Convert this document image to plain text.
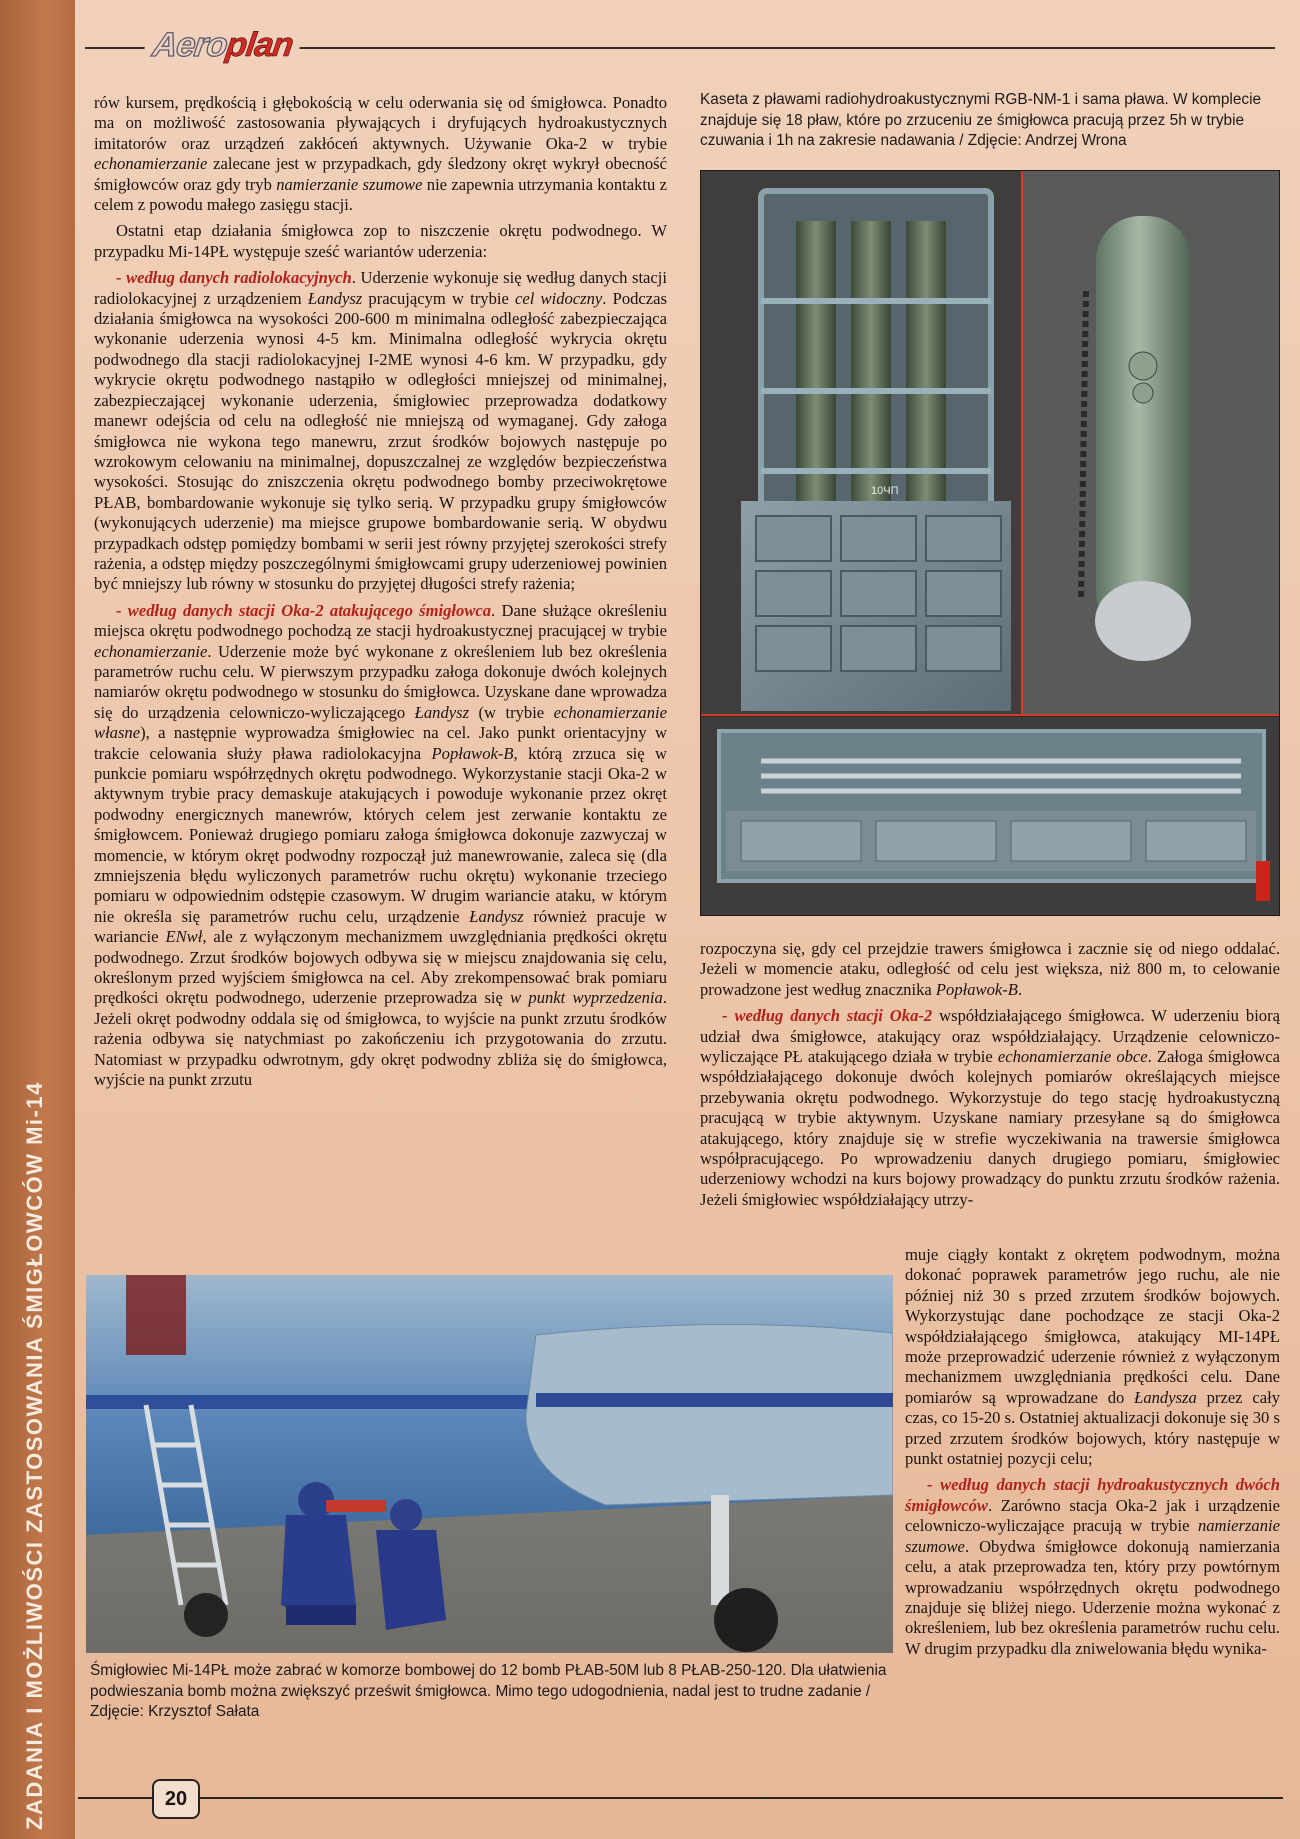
ZADANIA I MOŻLIWOŚCI ZASTOSOWANIA ŚMIGŁOWCÓW Mi-14
Aeroplan

rów kursem, prędkością i głębokością w celu oderwania się od śmigłowca. Ponadto ma on możliwość zastosowania pływających i dryfujących hydroakustycznych imitatorów oraz urządzeń zakłóceń aktywnych. Używanie Oka-2 w trybie echonamierzanie zalecane jest w przypadkach, gdy śledzony okręt wykrył obecność śmigłowców oraz gdy tryb namierzanie szumowe nie zapewnia utrzymania kontaktu z celem z powodu małego zasięgu stacji.

Ostatni etap działania śmigłowca zop to niszczenie okrętu podwodnego. W przypadku Mi-14PŁ występuje sześć wariantów uderzenia:

- według danych radiolokacyjnych. Uderzenie wykonuje się według danych stacji radiolokacyjnej z urządzeniem Łandysz pracującym w trybie cel widoczny. Podczas działania śmigłowca na wysokości 200-600 m minimalna odległość zabezpieczająca wykonanie uderzenia wynosi 4-5 km. Minimalna odległość wykrycia okrętu podwodnego dla stacji radiolokacyjnej I-2ME wynosi 4-6 km. W przypadku, gdy wykrycie okrętu podwodnego nastąpiło w odległości mniejszej od minimalnej, zabezpieczającej wykonanie uderzenia, śmigłowiec przeprowadza dodatkowy manewr odejścia od celu na odległość nie mniejszą od wymaganej. Gdy załoga śmigłowca nie wykona tego manewru, zrzut środków bojowych następuje po wzrokowym celowaniu na minimalnej, dopuszczalnej ze względów bezpieczeństwa wysokości. Stosując do zniszczenia okrętu podwodnego bomby przeciwokrętowe PŁAB, bombardowanie wykonuje się tylko serią. W przypadku grupy śmigłowców (wykonujących uderzenie) ma miejsce grupowe bombardowanie serią. W obydwu przypadkach odstęp pomiędzy bombami w serii jest równy przyjętej szerokości strefy rażenia, a odstęp między poszczególnymi śmigłowcami grupy uderzeniowej powinien być mniejszy lub równy w stosunku do przyjętej długości strefy rażenia;

- według danych stacji Oka-2 atakującego śmigłowca. Dane służące określeniu miejsca okrętu podwodnego pochodzą ze stacji hydroakustycznej pracującej w trybie echonamierzanie. Uderzenie może być wykonane z określeniem lub bez określenia parametrów ruchu celu. W pierwszym przypadku załoga dokonuje dwóch kolejnych namiarów okrętu podwodnego w stosunku do śmigłowca. Uzyskane dane wprowadza się do urządzenia celowniczo-wyliczającego Łandysz (w trybie echonamierzanie własne), a następnie wyprowadza śmigłowiec na cel. Jako punkt orientacyjny w trakcie celowania służy pława radiolokacyjna Popławok-B, którą zrzuca się w punkcie pomiaru współrzędnych okrętu podwodnego. Wykorzystanie stacji Oka-2 w aktywnym trybie pracy demaskuje atakujących i powoduje wykonanie przez okręt podwodny energicznych manewrów, których celem jest zerwanie kontaktu ze śmigłowcem. Ponieważ drugiego pomiaru załoga śmigłowca dokonuje zazwyczaj w momencie, w którym okręt podwodny rozpoczął już manewrowanie, zaleca się (dla zmniejszenia błędu wyliczonych parametrów ruchu okrętu) wykonanie trzeciego pomiaru w odpowiednim odstępie czasowym. W drugim wariancie ataku, w którym nie określa się parametrów ruchu celu, urządzenie Łandysz również pracuje w wariancie ENwł, ale z wyłączonym mechanizmem uwzględniania prędkości okrętu podwodnego. Zrzut środków bojowych odbywa się w miejscu znajdowania się celu, określonym przed wyjściem śmigłowca na cel. Aby zrekompensować brak pomiaru prędkości okrętu podwodnego, uderzenie przeprowadza się w punkt wyprzedzenia. Jeżeli okręt podwodny oddala się od śmigłowca, to wyjście na punkt zrzutu środków rażenia odbywa się natychmiast po zakończeniu ich przygotowania do zrzutu. Natomiast w przypadku odwrotnym, gdy okręt podwodny zbliża się do śmigłowca, wyjście na punkt zrzutu

Kaseta z pławami radiohydroakustycznymi RGB-NM-1 i sama pława. W komplecie znajduje się 18 pław, które po zrzuceniu ze śmigłowca pracują przez 5h w trybie czuwania i 1h na zakresie nadawania / Zdjęcie: Andrzej Wrona
10ЧП

rozpoczyna się, gdy cel przejdzie trawers śmigłowca i zacznie się od niego oddalać. Jeżeli w momencie ataku, odległość od celu jest większa, niż 800 m, to celowanie prowadzone jest według znacznika Popławok-B.

- według danych stacji Oka-2 współdziałającego śmigłowca. W uderzeniu biorą udział dwa śmigłowce, atakujący oraz współdziałający. Urządzenie celowniczo-wyliczające PŁ atakującego działa w trybie echonamierzanie obce. Załoga śmigłowca współdziałającego dokonuje dwóch kolejnych pomiarów określających miejsce przebywania okrętu podwodnego. Wykorzystuje do tego stację hydroakustyczną pracującą w trybie aktywnym. Uzyskane namiary przesyłane są do śmigłowca atakującego, który znajduje się w strefie wyczekiwania na trawersie śmigłowca współpracującego. Po wprowadzeniu danych drugiego pomiaru, śmigłowiec uderzeniowy wchodzi na kurs bojowy prowadzący do punktu zrzutu środków rażenia. Jeżeli śmigłowiec współdziałający utrzy-

muje ciągły kontakt z okrętem podwodnym, można dokonać poprawek parametrów jego ruchu, ale nie później niż 30 s przed zrzutem środków bojowych. Wykorzystując dane pochodzące ze stacji Oka-2 współdziałającego śmigłowca, atakujący MI-14PŁ może przeprowadzić uderzenie również z wyłączonym mechanizmem uwzględniania prędkości celu. Dane pomiarów są wprowadzane do Łandysza przez cały czas, co 15-20 s. Ostatniej aktualizacji dokonuje się 30 s przed zrzutem środków bojowych, który następuje w punkt ostatniej pozycji celu;

- według danych stacji hydroakustycznych dwóch śmigłowców. Zarówno stacja Oka-2 jak i urządzenie celowniczo-wyliczające pracują w trybie namierzanie szumowe. Obydwa śmigłowce dokonują namierzania celu, a atak przeprowadza ten, który przy powtórnym wprowadzaniu współrzędnych okrętu podwodnego znajduje się bliżej niego. Uderzenie można wykonać z określeniem, lub bez określenia parametrów ruchu celu. W drugim przypadku dla zniwelowania błędu wynika-

Śmigłowiec Mi-14PŁ może zabrać w komorze bombowej do 12 bomb PŁAB-50M lub 8 PŁAB-250-120. Dla ułatwienia podwieszania bomb można zwiększyć prześwit śmigłowca. Mimo tego udogodnienia, nadal jest to trudne zadanie / Zdjęcie: Krzysztof Sałata
20
